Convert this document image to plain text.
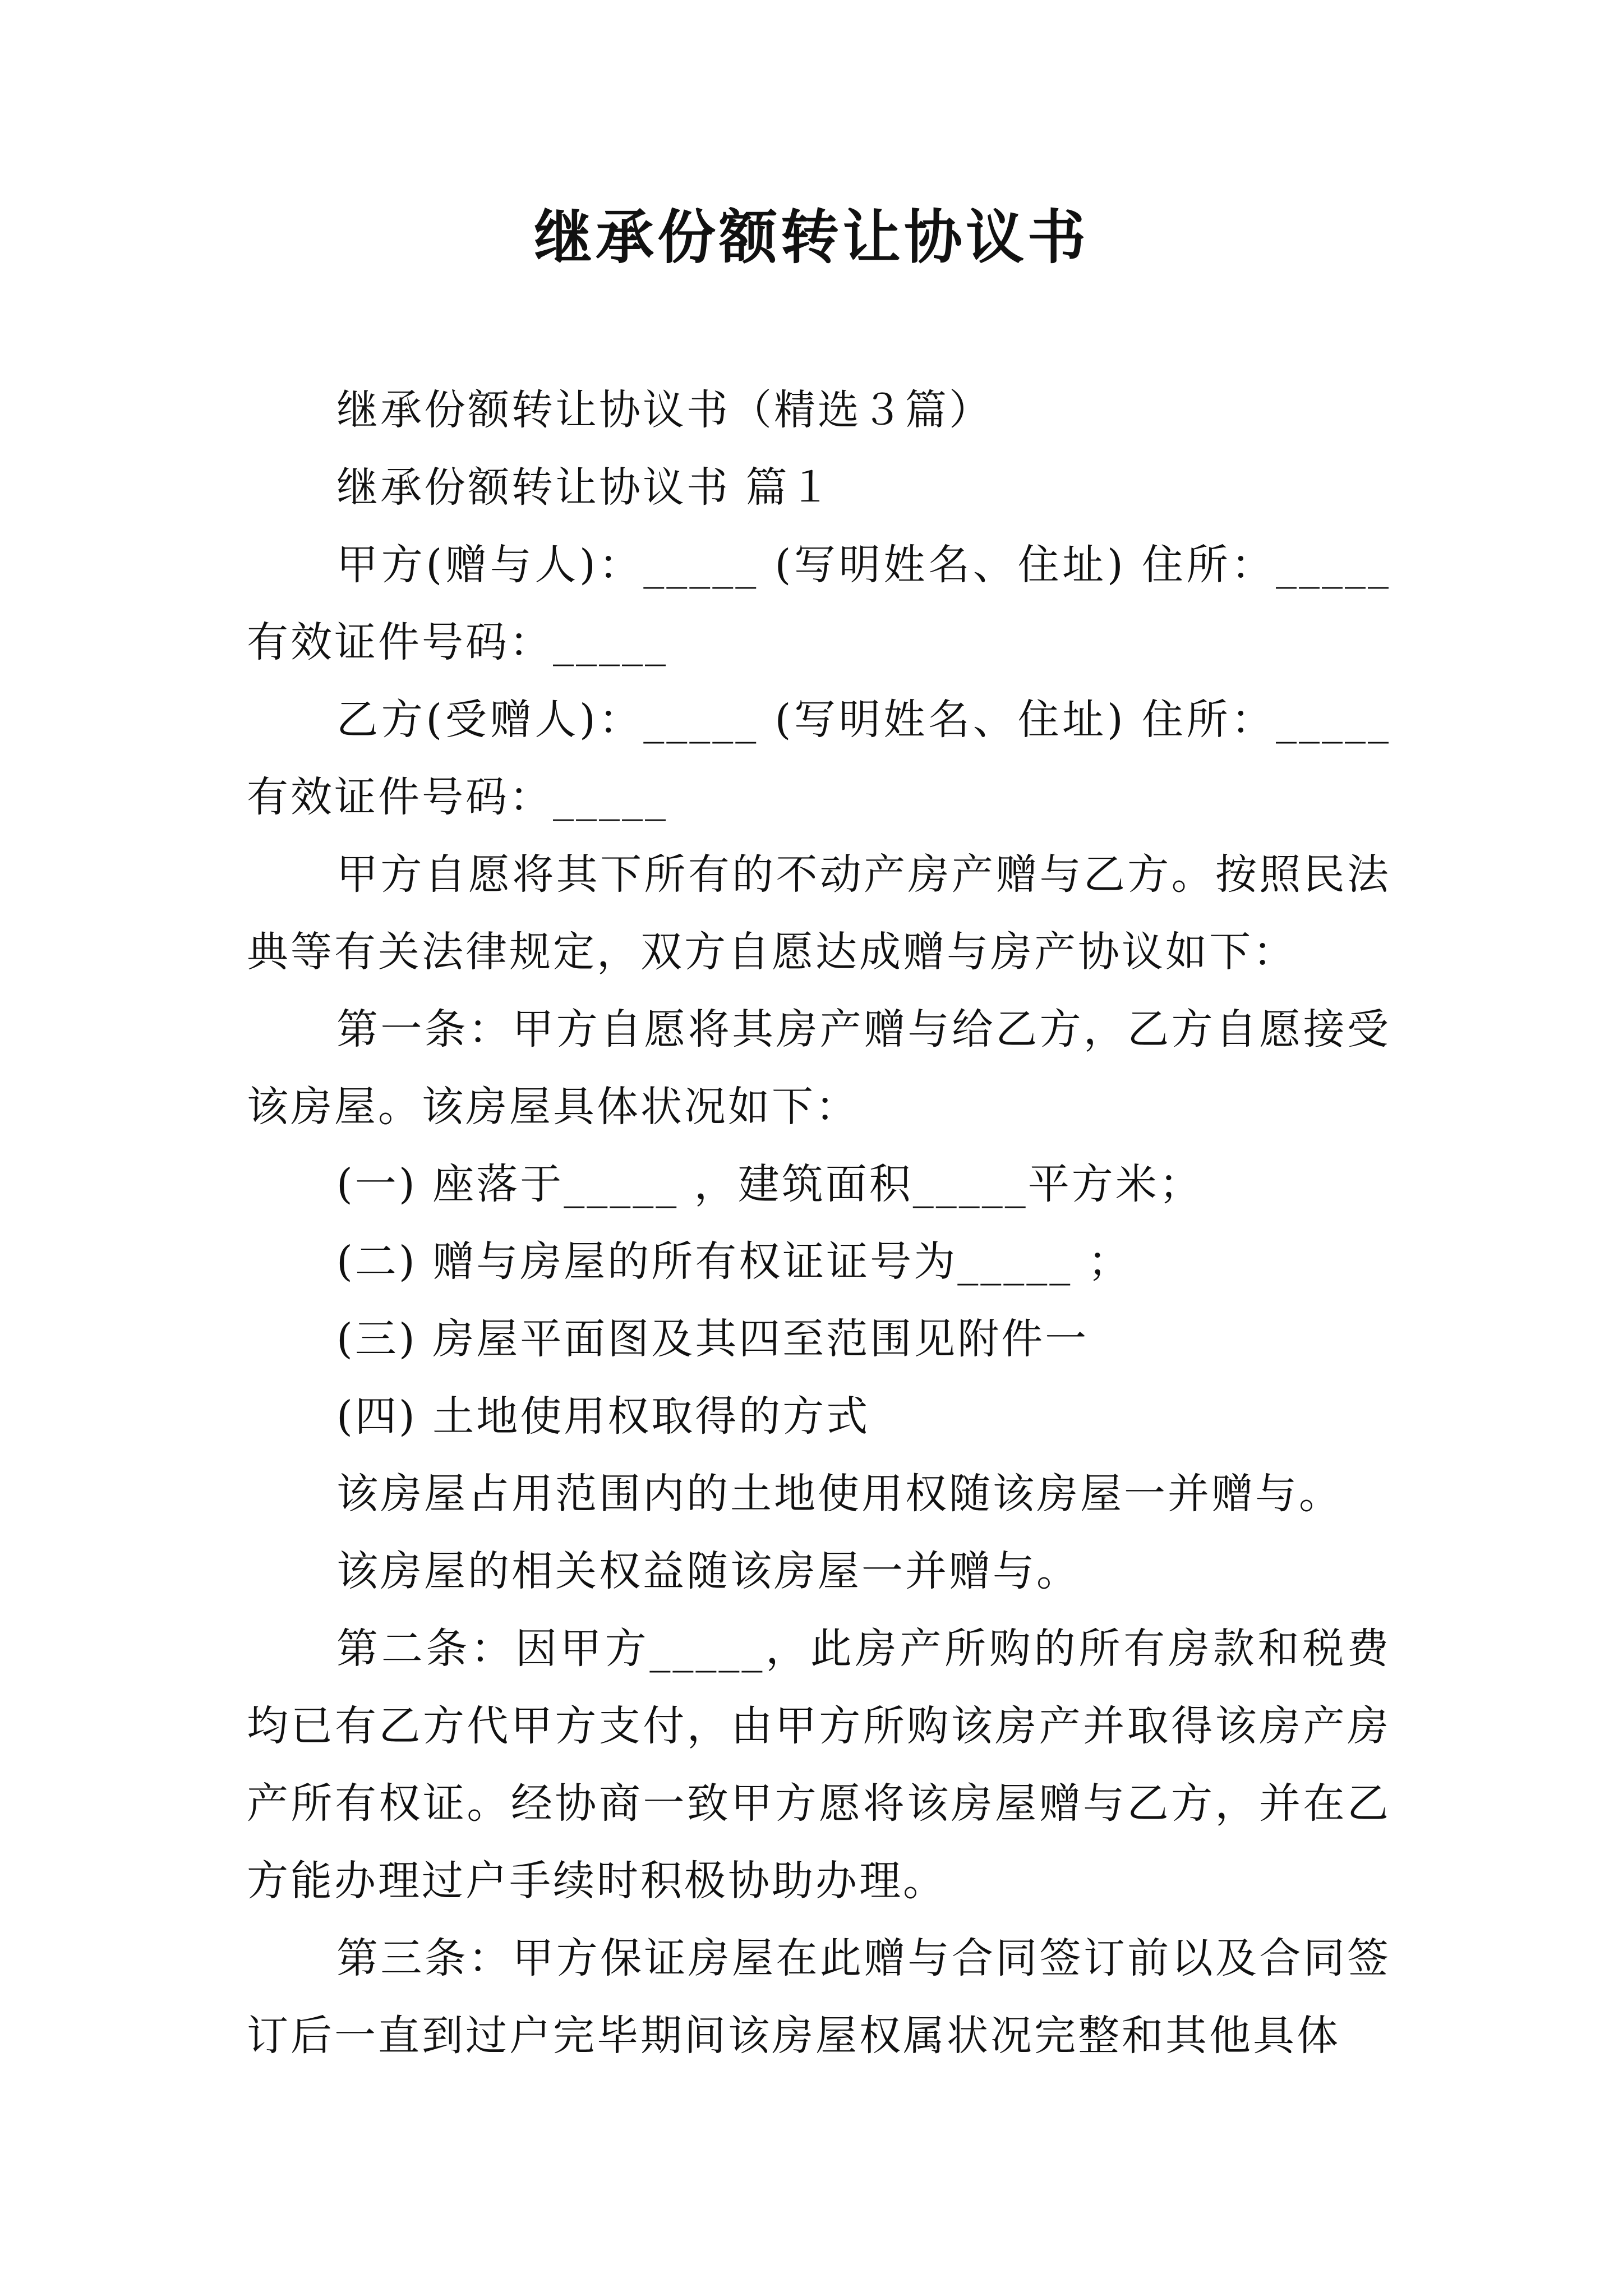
继承份额转让协议书

继承份额转让协议书（精选３篇）

继承份额转让协议书 篇１

甲方(赠与人)：_____ (写明姓名、住址) 住所：_____有效证件号码：_____

乙方(受赠人)：_____ (写明姓名、住址) 住所：_____有效证件号码：_____

甲方自愿将其下所有的不动产房产赠与乙方。按照民法典等有关法律规定，双方自愿达成赠与房产协议如下：

第一条：甲方自愿将其房产赠与给乙方，乙方自愿接受该房屋。该房屋具体状况如下：

(一) 座落于_____ ，建筑面积_____平方米；

(二) 赠与房屋的所有权证证号为_____ ；

(三) 房屋平面图及其四至范围见附件一

(四) 土地使用权取得的方式

该房屋占用范围内的土地使用权随该房屋一并赠与。

该房屋的相关权益随该房屋一并赠与。

第二条：因甲方_____，此房产所购的所有房款和税费均已有乙方代甲方支付，由甲方所购该房产并取得该房产房产所有权证。经协商一致甲方愿将该房屋赠与乙方，并在乙方能办理过户手续时积极协助办理。

第三条：甲方保证房屋在此赠与合同签订前以及合同签订后一直到过户完毕期间该房屋权属状况完整和其他具体
